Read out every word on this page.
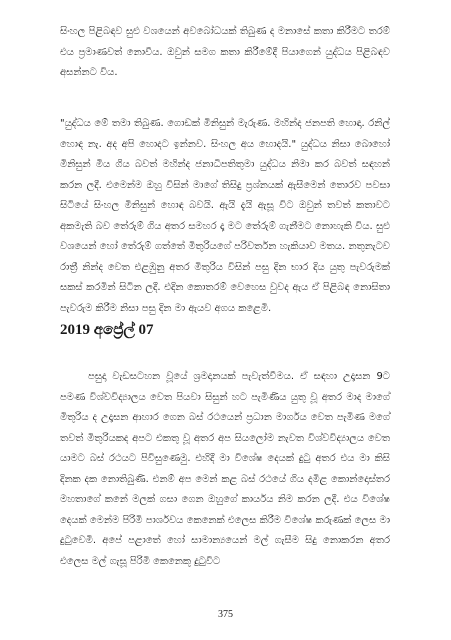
සිංහල පිළිබඳව සුළු වශයෙන් අවබෝධයක් තිබුණ ද මනාසේ කතා කිරීමට තරම් එය ප්‍රමාණවත් නොවීය. ඔවුන් සමග කතා කිරීමේදී පියාගෙන් යුද්ධය පිළිබඳව අසන්නට විය.

"යුද්ධය මේ තමා තිබුණ. ගොඩක් මිනිසුන් මැරුණ. මහින්ද ජනපති හොඳා. රනිල් හොඳ නැ. අද අපි හොදට ඉන්නව. සිංහල අය හොදයි." යුද්ධය නිසා බොහෝ මිනිසුන් මිය ගිය බවත් මහින්ද ජනාධිපතිතුමා යුද්ධය නිමා කර බවත් සඳහන් කරන ලදී. එමෙන්ම ඔහු විසින් මාගේ තිසිදු ප්‍රශ්නයක් ඇසීමෙන් තොරව පවසා සිටියේ සිංහල මිනිසුන් හොඳ බවයි. ඇයි දැයි ඇසූ විට ඔවුන් තවත් කතාවට අකමැති බව තේරුම් ගිය අතර සමහර දෑ මට තේරුම් ගැනීමට නොහැකි විය. සුළු වශයෙන් හෝ තේරුම් ගත්තේ මිතුරියගේ පරිවර්තන හැකියාව මතය. නතුනැටව රාත්‍රී නින්ද වෙත එළඹුනු අතර මිතුරිය විසින් පසු දින භාර දිය යුතු පැවරුමක් සකස් කරමින් සිටින ලදී. එදින කොතරම් වෙහෙස වුවද ඇය ඒ පිළිබඳ නොසිතා පැවරුම කිරීම නිසා පසු දින මා ඇයව අගය කළෙමි.

2019 අප්‍රේල් 07

පසුදා වැඩසටහන වූයේ ශ්‍රමදානයක් පැවැත්වීමය. ඒ සඳහා උදෑසන 9ට පමණ විශ්වවිද්‍යාලය වෙත පියවා සිසුන් හට පැමිණිය යුතු වූ අතර මාද මාගේ මිතුරිය ද උදෑසන ආහාර ගෙන බස් රථයෙන් ප්‍රධාන මාර්ගය වෙත පැමිණ මගේ තවත් මිතුරියකද අපට එකතු වූ අතර අප සියලෝම නැවත විශ්වවිද්‍යාලය වෙත යාමට බස් රථයට පිවිසුණෙමු. එහිදී මා විශේෂ දෙයක් දුටු අතර එය මා කිසි දිනක දක නොතිබුණි. එනම් අප මෙන් කළ බස් රථයේ ගිය දමිළ කොන්දොස්තර මහතාගේ කනේ මලක් ගසා ගෙන ඔහුගේ කාර්යය නිම කරන ලදී. එය විශේෂ දෙයක් මෙන්ම පිරිමි පාර්ශවය කෙනෙක් එලෙස කිරීම විශේෂ කරුණක් ලෙස මා දුටුවෙමි. අපේ පළාතේ හෝ සාමාන්‍යයෙන් මල් ගැසීම සිදු නොකරන අතර එලෙස මල් ගැසූ පිරිමි කෙනෙකු දුටුවිට

375
